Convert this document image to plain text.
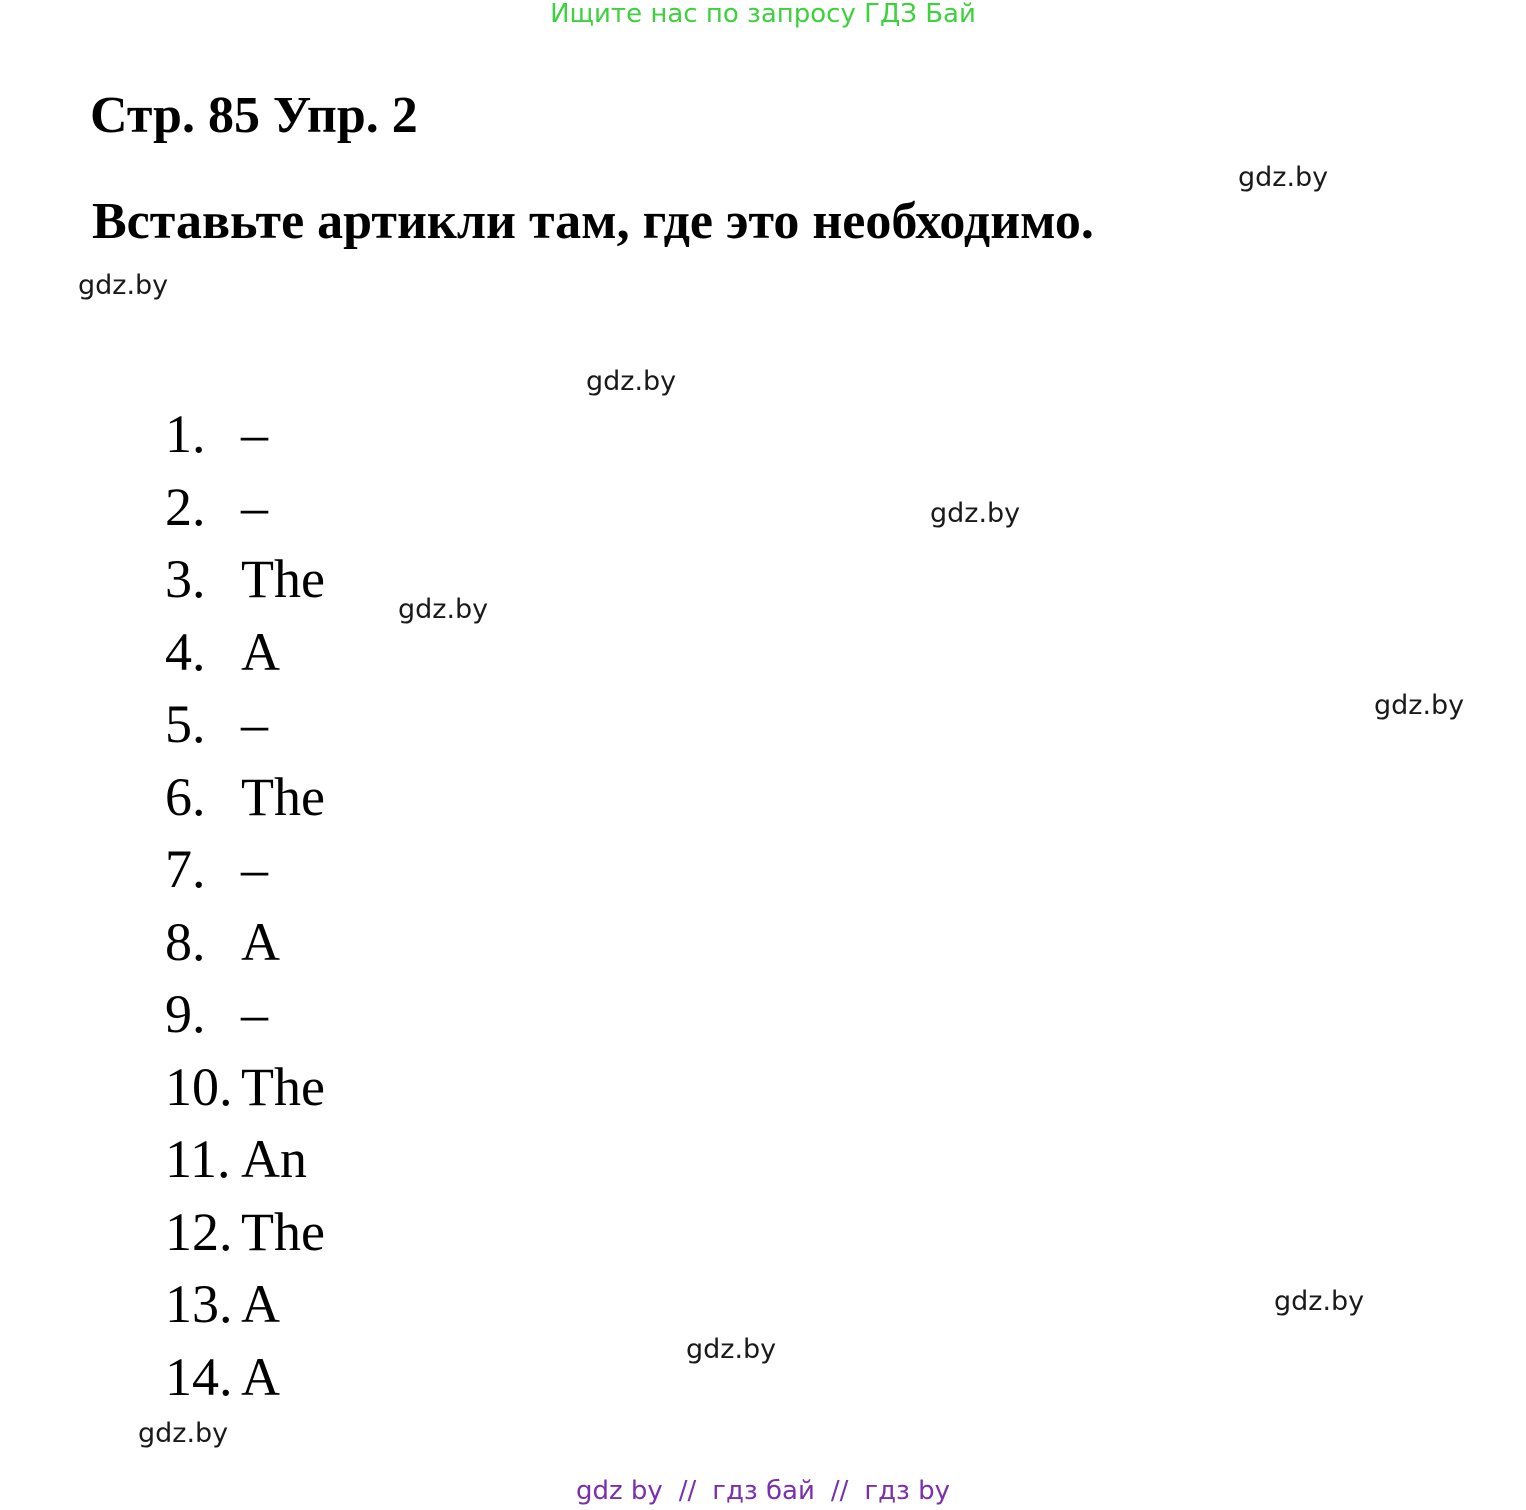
Ищите нас по запросу ГДЗ Бай
Стр. 85 Упр. 2
Вставьте артикли там, где это необходимо.
1. –
2. –
3. The
4. A
5. –
6. The
7. –
8. A
9. –
10. The
11. An
12. The
13. A
14. A
gdz.by
gdz.by
gdz.by
gdz.by
gdz.by
gdz.by
gdz.by
gdz.by
gdz.by
gdz by // гдз бай // гдз by
